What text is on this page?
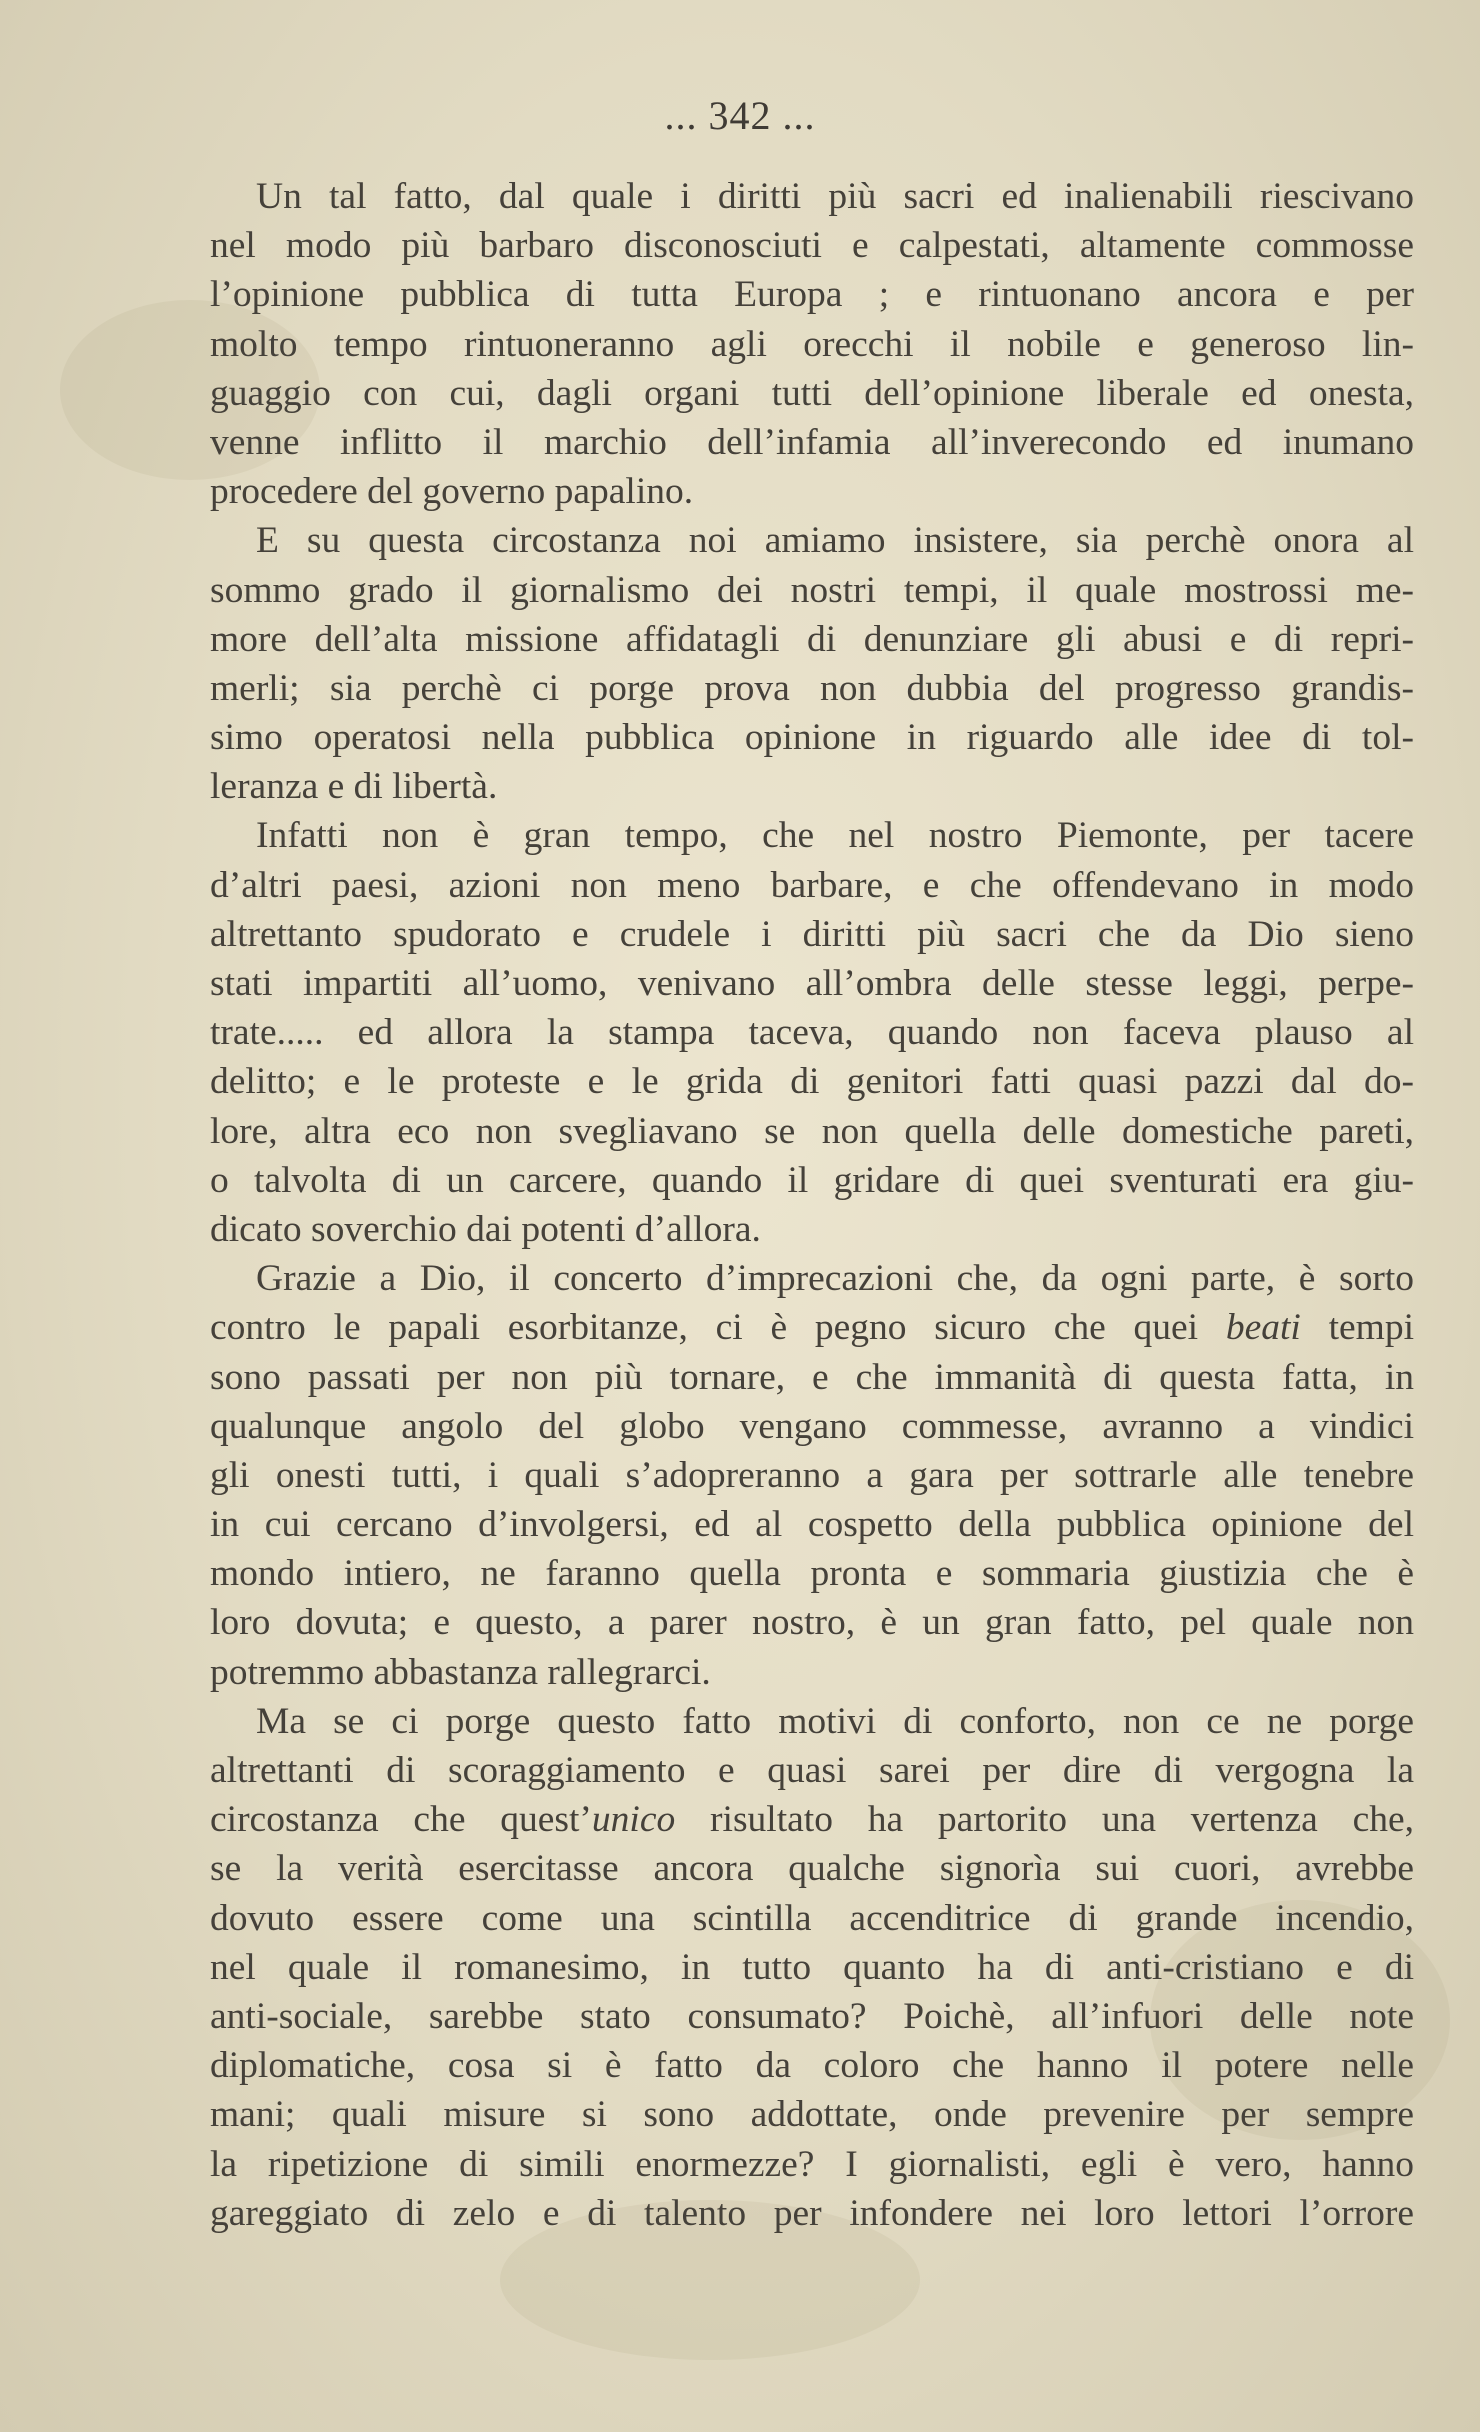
... 342 ...
Un tal fatto, dal quale i diritti più sacri ed inalienabili riescivano
nel modo più barbaro disconosciuti e calpestati, altamente commosse
l’opinione pubblica di tutta Europa ; e rintuonano ancora e per
molto tempo rintuoneranno agli orecchi il nobile e generoso lin-
guaggio con cui, dagli organi tutti dell’opinione liberale ed onesta,
venne inflitto il marchio dell’infamia all’inverecondo ed inumano
procedere del governo papalino.
E su questa circostanza noi amiamo insistere, sia perchè onora al
sommo grado il giornalismo dei nostri tempi, il quale mostrossi me-
more dell’alta missione affidatagli di denunziare gli abusi e di repri-
merli; sia perchè ci porge prova non dubbia del progresso grandis-
simo operatosi nella pubblica opinione in riguardo alle idee di tol-
leranza e di libertà.
Infatti non è gran tempo, che nel nostro Piemonte, per tacere
d’altri paesi, azioni non meno barbare, e che offendevano in modo
altrettanto spudorato e crudele i diritti più sacri che da Dio sieno
stati impartiti all’uomo, venivano all’ombra delle stesse leggi, perpe-
trate..... ed allora la stampa taceva, quando non faceva plauso al
delitto; e le proteste e le grida di genitori fatti quasi pazzi dal do-
lore, altra eco non svegliavano se non quella delle domestiche pareti,
o talvolta di un carcere, quando il gridare di quei sventurati era giu-
dicato soverchio dai potenti d’allora.
Grazie a Dio, il concerto d’imprecazioni che, da ogni parte, è sorto
contro le papali esorbitanze, ci è pegno sicuro che quei beati tempi
sono passati per non più tornare, e che immanità di questa fatta, in
qualunque angolo del globo vengano commesse, avranno a vindici
gli onesti tutti, i quali s’adopreranno a gara per sottrarle alle tenebre
in cui cercano d’involgersi, ed al cospetto della pubblica opinione del
mondo intiero, ne faranno quella pronta e sommaria giustizia che è
loro dovuta; e questo, a parer nostro, è un gran fatto, pel quale non
potremmo abbastanza rallegrarci.
Ma se ci porge questo fatto motivi di conforto, non ce ne porge
altrettanti di scoraggiamento e quasi sarei per dire di vergogna la
circostanza che quest’unico risultato ha partorito una vertenza che,
se la verità esercitasse ancora qualche signorìa sui cuori, avrebbe
dovuto essere come una scintilla accenditrice di grande incendio,
nel quale il romanesimo, in tutto quanto ha di anti-cristiano e di
anti-sociale, sarebbe stato consumato? Poichè, all’infuori delle note
diplomatiche, cosa si è fatto da coloro che hanno il potere nelle
mani; quali misure si sono addottate, onde prevenire per sempre
la ripetizione di simili enormezze? I giornalisti, egli è vero, hanno
gareggiato di zelo e di talento per infondere nei loro lettori l’orrore
